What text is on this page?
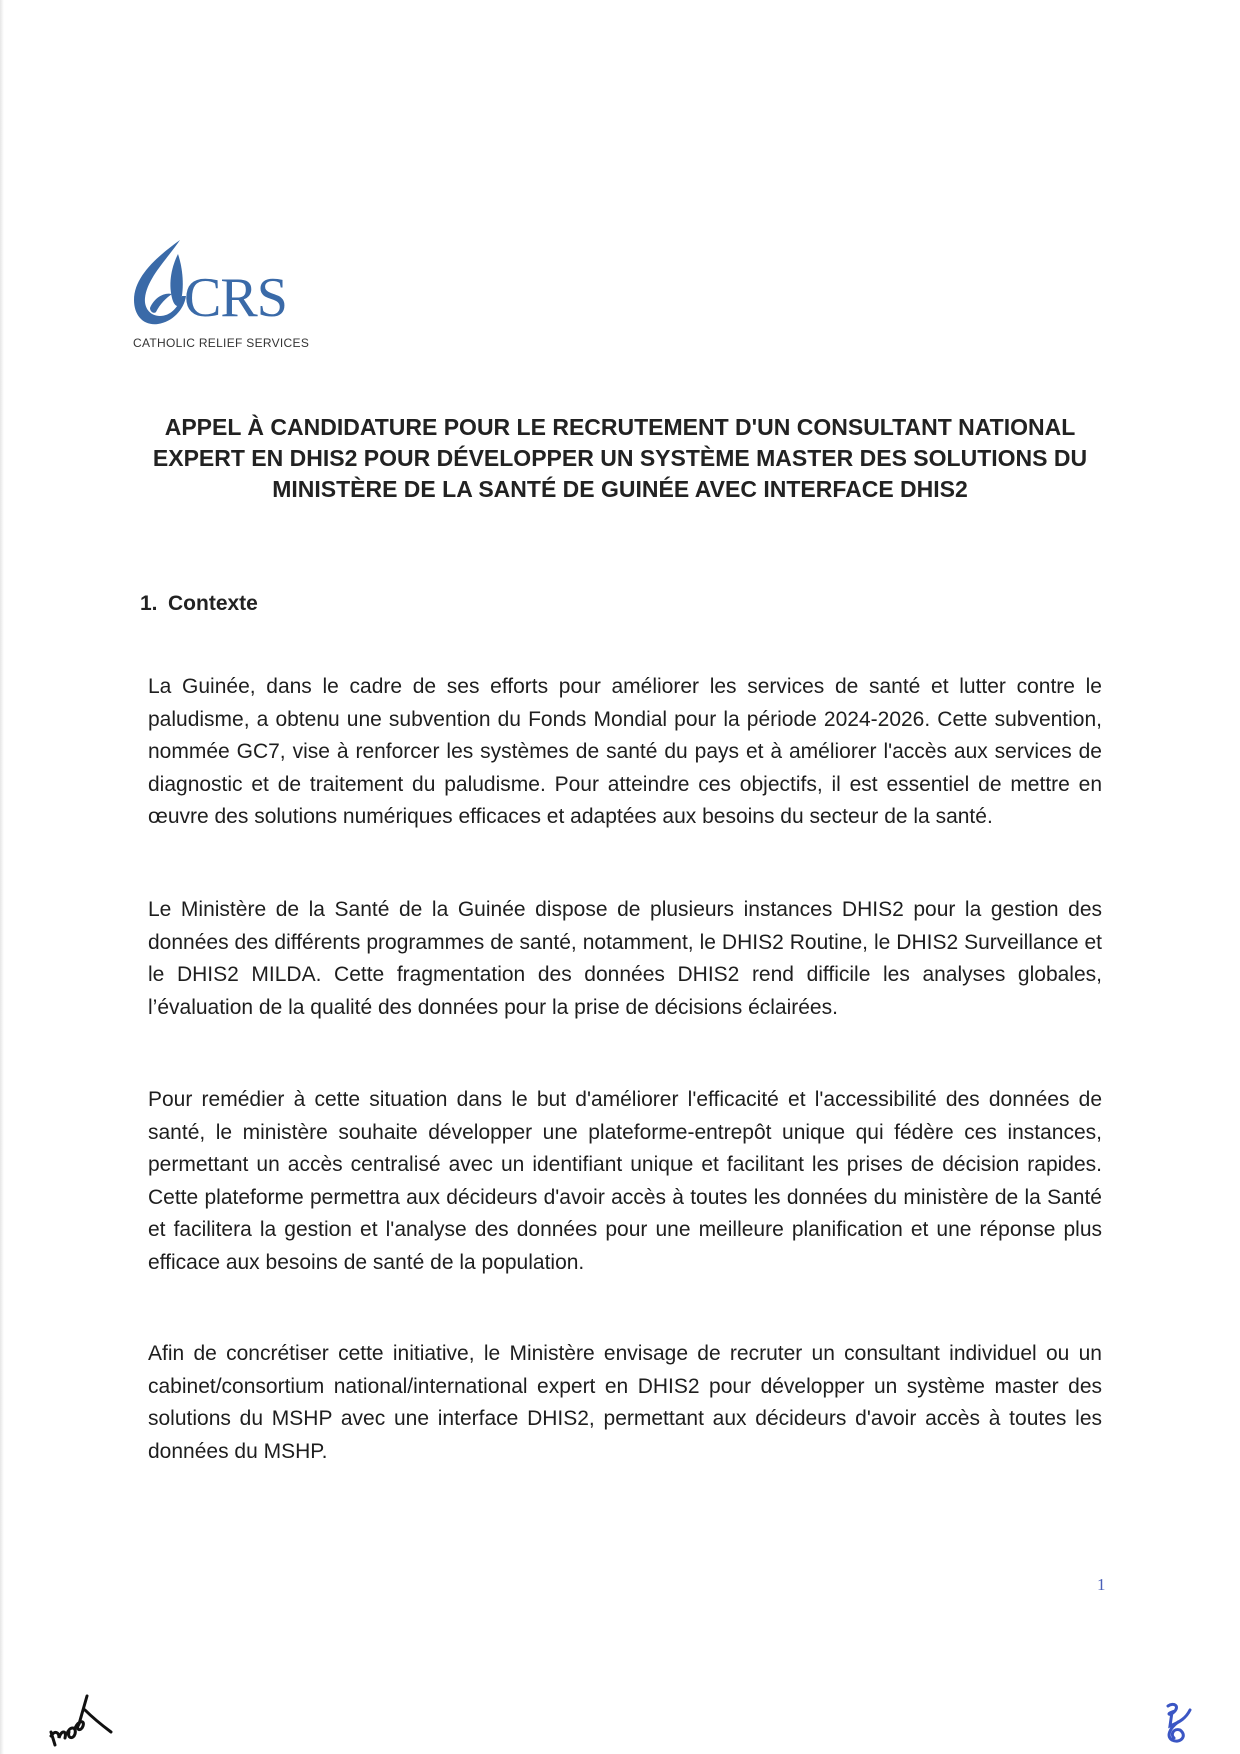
CRS
CATHOLIC RELIEF SERVICES
APPEL À CANDIDATURE POUR LE RECRUTEMENT D'UN CONSULTANT NATIONAL EXPERT EN DHIS2 POUR DÉVELOPPER UN SYSTÈME MASTER DES SOLUTIONS DU MINISTÈRE DE LA SANTÉ DE GUINÉE AVEC INTERFACE DHIS2
1. Contexte

La Guinée, dans le cadre de ses efforts pour améliorer les services de santé et lutter contre le paludisme, a obtenu une subvention du Fonds Mondial pour la période 2024-2026. Cette subvention, nommée GC7, vise à renforcer les systèmes de santé du pays et à améliorer l'accès aux services de diagnostic et de traitement du paludisme. Pour atteindre ces objectifs, il est essentiel de mettre en œuvre des solutions numériques efficaces et adaptées aux besoins du secteur de la santé.

Le Ministère de la Santé de la Guinée dispose de plusieurs instances DHIS2 pour la gestion des données des différents programmes de santé, notamment, le DHIS2 Routine, le DHIS2 Surveillance et le DHIS2 MILDA. Cette fragmentation des données DHIS2 rend difficile les analyses globales, l’évaluation de la qualité des données pour la prise de décisions éclairées.

Pour remédier à cette situation dans le but d'améliorer l'efficacité et l'accessibilité des données de santé, le ministère souhaite développer une plateforme-entrepôt unique qui fédère ces instances, permettant un accès centralisé avec un identifiant unique et facilitant les prises de décision rapides. Cette plateforme permettra aux décideurs d'avoir accès à toutes les données du ministère de la Santé et facilitera la gestion et l'analyse des données pour une meilleure planification et une réponse plus efficace aux besoins de santé de la population.

Afin de concrétiser cette initiative, le Ministère envisage de recruter un consultant individuel ou un cabinet/consortium national/international expert en DHIS2 pour développer un système master des solutions du MSHP avec une interface DHIS2, permettant aux décideurs d'avoir accès à toutes les données du MSHP.

1
